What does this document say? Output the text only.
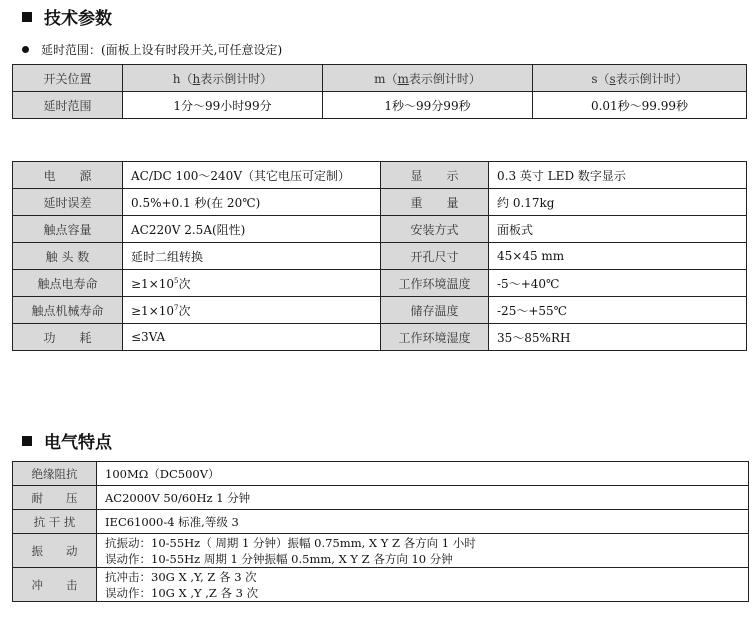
技术参数
延时范围：(面板上设有时段开关,可任意设定)
开关位置	h（h表示倒计时）	m（m表示倒计时）	s（s表示倒计时）
延时范围	1分～99小时99分	1秒～99分99秒	0.01秒～99.99秒
电　　源	AC/DC 100～240V（其它电压可定制）	显　　示	0.3 英寸 LED 数字显示
延时误差	0.5%+0.1 秒(在 20℃)	重　　量	约 0.17kg
触点容量	AC220V 2.5A(阻性)	安装方式	面板式
触 头 数	延时二组转换	开孔尺寸	45×45 mm
触点电寿命	$\ge 1\times 10^5$次	工作环境温度	-5～+40℃
触点机械寿命	$\ge 1\times 10^7$次	储存温度	-25～+55℃
功　　耗	≤3VA	工作环境湿度	35～85%RH
电气特点
绝缘阻抗	100MΩ（DC500V）
耐　　压	AC2000V 50/60Hz 1 分钟
抗 干 扰	IEC61000-4 标准,等级 3
振　　动	抗振动：10-55Hz（ 周期 1 分钟）振幅 0.75mm, X Y Z 各方向 1 小时
误动作：10-55Hz 周期 1 分钟振幅 0.5mm, X Y Z 各方向 10 分钟

冲　　击	抗冲击：30G X ,Y, Z 各 3 次
误动作：10G X ,Y ,Z 各 3 次
